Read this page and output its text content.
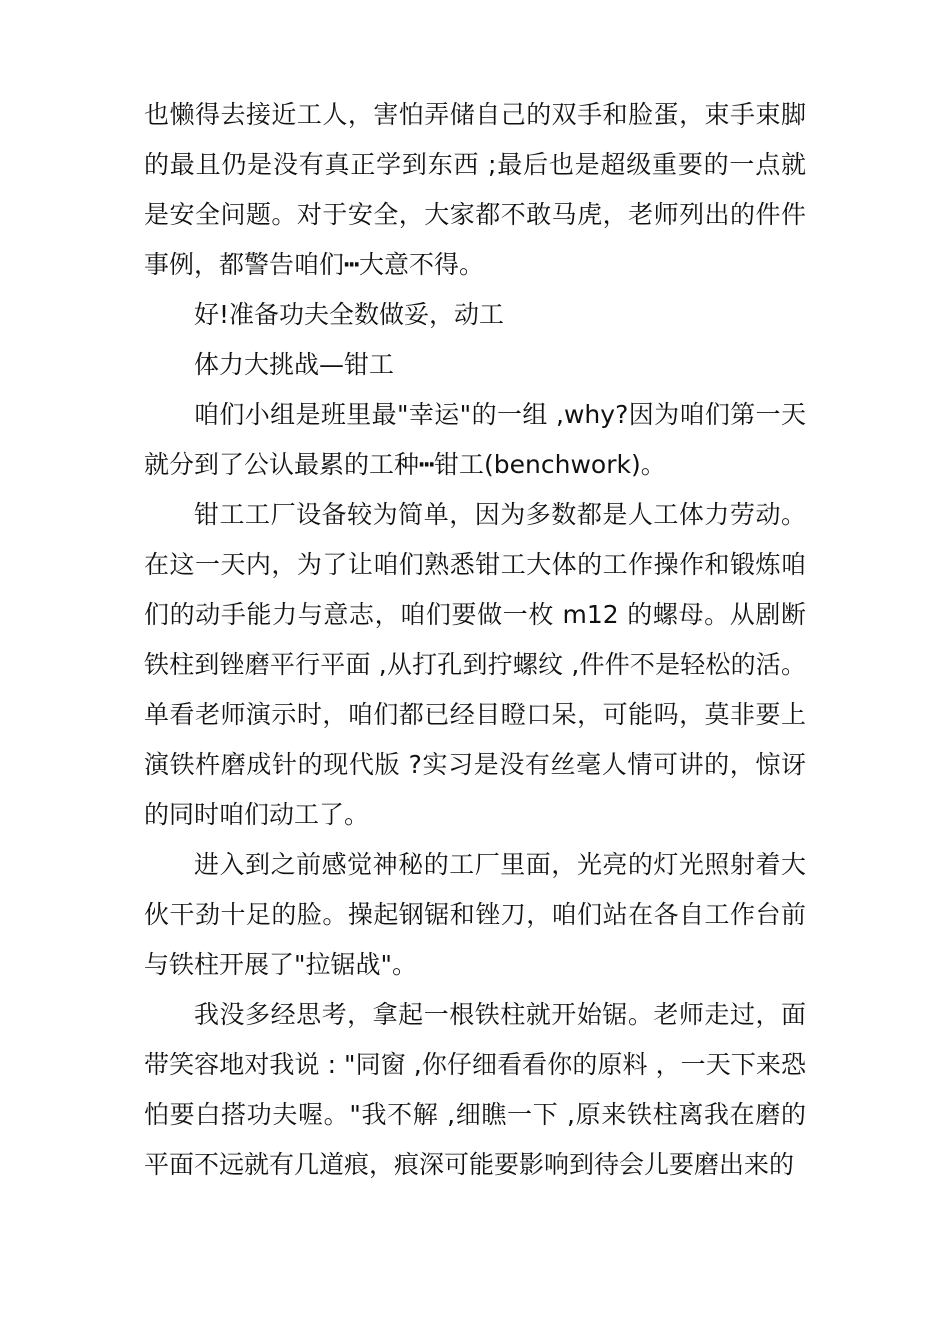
也懒得去接近工人，害怕弄储自己的双手和脸蛋，束手束脚的最且仍是没有真正学到东西 ;最后也是超级重要的一点就是安全问题。对于安全，大家都不敢马虎，老师列出的件件事例，都警告咱们┅大意不得。

好!准备功夫全数做妥，动工

体力大挑战—钳工

咱们小组是班里最"幸运"的一组 ,why?因为咱们第一天就分到了公认最累的工种┅钳工(benchwork)。

钳工工厂设备较为简单，因为多数都是人工体力劳动。在这一天内，为了让咱们熟悉钳工大体的工作操作和锻炼咱们的动手能力与意志，咱们要做一枚 m12 的螺母。从剧断铁柱到锉磨平行平面 ,从打孔到拧螺纹 ,件件不是轻松的活。单看老师演示时，咱们都已经目瞪口呆，可能吗，莫非要上演铁杵磨成针的现代版 ?实习是没有丝毫人情可讲的，惊讶的同时咱们动工了。

进入到之前感觉神秘的工厂里面，光亮的灯光照射着大伙干劲十足的脸。操起钢锯和锉刀，咱们站在各自工作台前与铁柱开展了"拉锯战"。

我没多经思考，拿起一根铁柱就开始锯。老师走过，面带笑容地对我说 : "同窗 ,你仔细看看你的原料 ，一天下来恐怕要白搭功夫喔。"我不解 ,细瞧一下 ,原来铁柱离我在磨的平面不远就有几道痕，痕深可能要影响到待会儿要磨出来的
